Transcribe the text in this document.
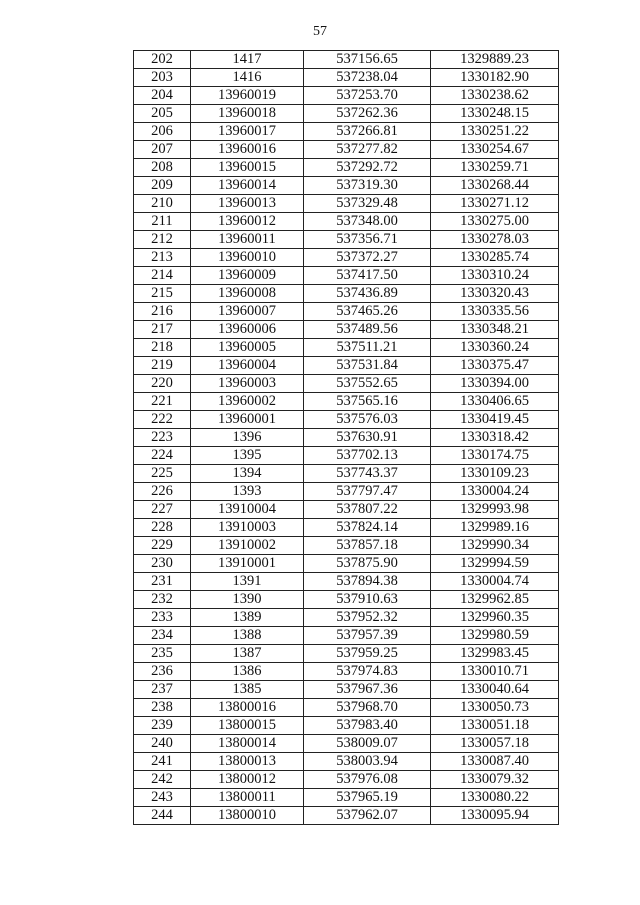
57
202	1417	537156.65	1329889.23
203	1416	537238.04	1330182.90
204	13960019	537253.70	1330238.62
205	13960018	537262.36	1330248.15
206	13960017	537266.81	1330251.22
207	13960016	537277.82	1330254.67
208	13960015	537292.72	1330259.71
209	13960014	537319.30	1330268.44
210	13960013	537329.48	1330271.12
211	13960012	537348.00	1330275.00
212	13960011	537356.71	1330278.03
213	13960010	537372.27	1330285.74
214	13960009	537417.50	1330310.24
215	13960008	537436.89	1330320.43
216	13960007	537465.26	1330335.56
217	13960006	537489.56	1330348.21
218	13960005	537511.21	1330360.24
219	13960004	537531.84	1330375.47
220	13960003	537552.65	1330394.00
221	13960002	537565.16	1330406.65
222	13960001	537576.03	1330419.45
223	1396	537630.91	1330318.42
224	1395	537702.13	1330174.75
225	1394	537743.37	1330109.23
226	1393	537797.47	1330004.24
227	13910004	537807.22	1329993.98
228	13910003	537824.14	1329989.16
229	13910002	537857.18	1329990.34
230	13910001	537875.90	1329994.59
231	1391	537894.38	1330004.74
232	1390	537910.63	1329962.85
233	1389	537952.32	1329960.35
234	1388	537957.39	1329980.59
235	1387	537959.25	1329983.45
236	1386	537974.83	1330010.71
237	1385	537967.36	1330040.64
238	13800016	537968.70	1330050.73
239	13800015	537983.40	1330051.18
240	13800014	538009.07	1330057.18
241	13800013	538003.94	1330087.40
242	13800012	537976.08	1330079.32
243	13800011	537965.19	1330080.22
244	13800010	537962.07	1330095.94
